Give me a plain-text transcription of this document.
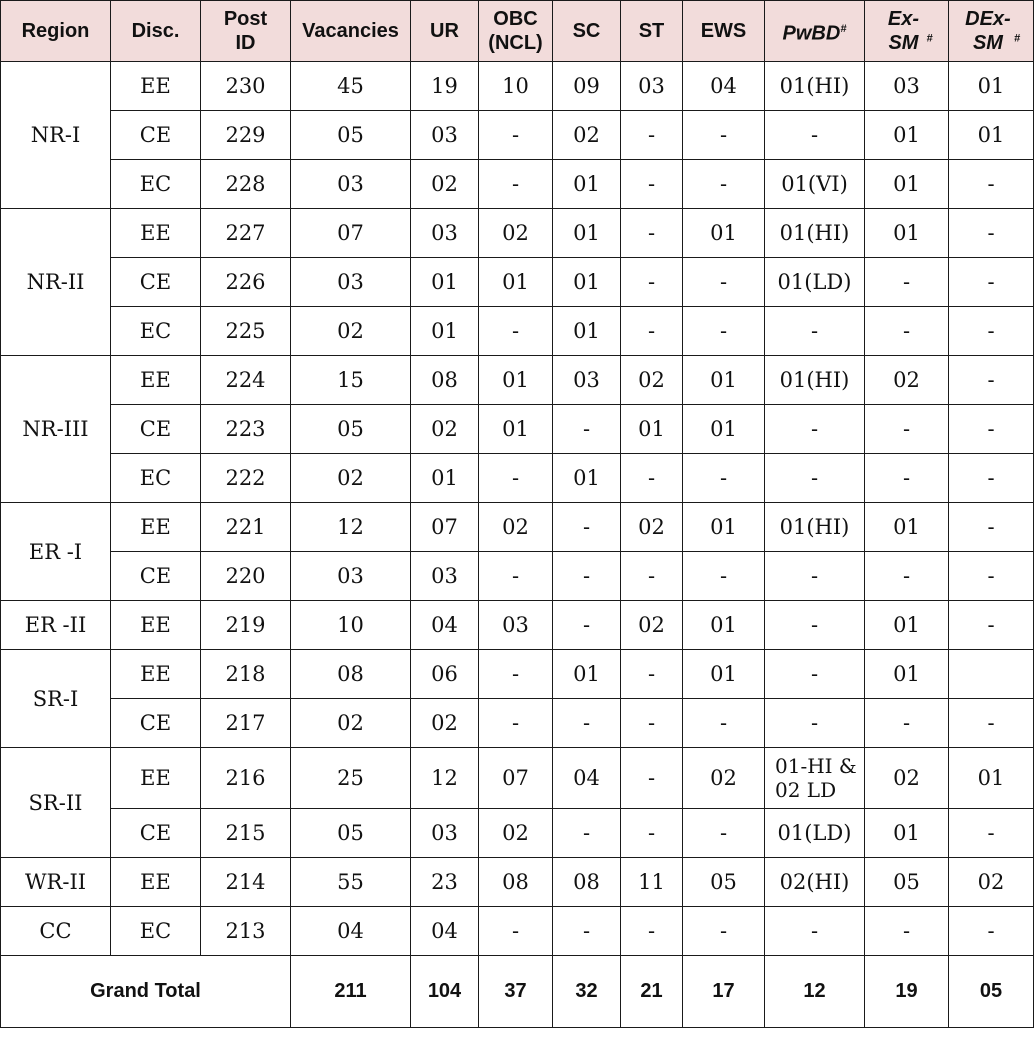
Region	Disc.	Post ID	Vacancies	UR	OBC (NCL)	SC	ST	EWS	PwBD#	Ex- SM #	DEx- SM #
NR-I	EE	230	45	19	10	09	03	04	01(HI)	03	01
	CE	229	05	03	-	02	-	-	-	01	01
	EC	228	03	02	-	01	-	-	01(VI)	01	-
NR-II	EE	227	07	03	02	01	-	01	01(HI)	01	-
	CE	226	03	01	01	01	-	-	01(LD)	-	-
	EC	225	02	01	-	01	-	-	-	-	-
NR-III	EE	224	15	08	01	03	02	01	01(HI)	02	-
	CE	223	05	02	01	-	01	01	-	-	-
	EC	222	02	01	-	01	-	-	-	-	-
ER -I	EE	221	12	07	02	-	02	01	01(HI)	01	-
	CE	220	03	03	-	-	-	-	-	-	-
ER -II	EE	219	10	04	03	-	02	01	-	01	-
SR-I	EE	218	08	06	-	01	-	01	-	01	
	CE	217	02	02	-	-	-	-	-	-	-
SR-II	EE	216	25	12	07	04	-	02	01-HI & 02 LD	02	01
	CE	215	05	03	02	-	-	-	01(LD)	01	-
WR-II	EE	214	55	23	08	08	11	05	02(HI)	05	02
CC	EC	213	04	04	-	-	-	-	-	-	-
Grand Total			211	104	37	32	21	17	12	19	05
